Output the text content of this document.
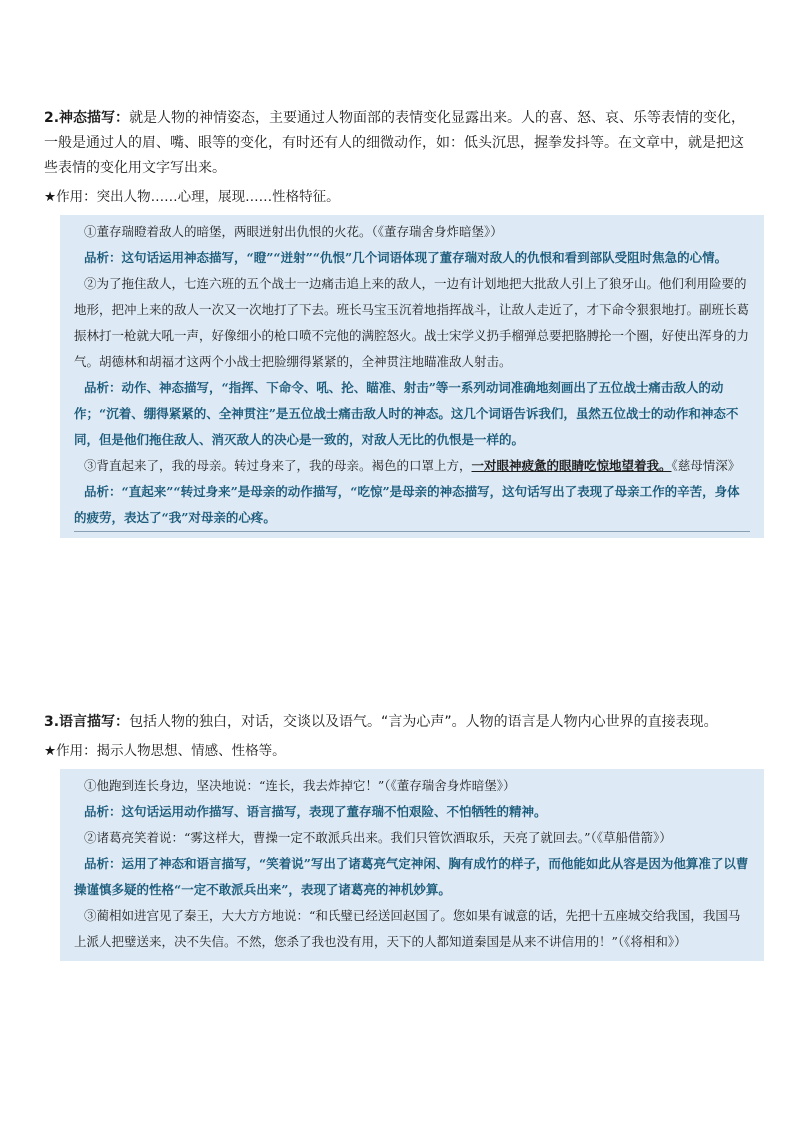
2.神态描写：就是人物的神情姿态，主要通过人物面部的表情变化显露出来。人的喜、怒、哀、乐等表情的变化，一般是通过人的眉、嘴、眼等的变化，有时还有人的细微动作，如：低头沉思，握拳发抖等。在文章中，就是把这些表情的变化用文字写出来。

★作用：突出人物……心理，展现……性格特征。

①董存瑞瞪着敌人的暗堡，两眼迸射出仇恨的火花。（《董存瑞舍身炸暗堡》）

品析：这句话运用神态描写，“瞪”“迸射”“仇恨”几个词语体现了董存瑞对敌人的仇恨和看到部队受阻时焦急的心情。

②为了拖住敌人，七连六班的五个战士一边痛击追上来的敌人，一边有计划地把大批敌人引上了狼牙山。他们利用险要的地形，把冲上来的敌人一次又一次地打了下去。班长马宝玉沉着地指挥战斗，让敌人走近了，才下命令狠狠地打。副班长葛振林打一枪就大吼一声，好像细小的枪口喷不完他的满腔怒火。战士宋学义扔手榴弹总要把胳膊抡一个圈，好使出浑身的力气。胡德林和胡福才这两个小战士把脸绷得紧紧的，全神贯注地瞄准敌人射击。

品析：动作、神态描写，“指挥、下命令、吼、抡、瞄准、射击”等一系列动词准确地刻画出了五位战士痛击敌人的动作；“沉着、绷得紧紧的、全神贯注”是五位战士痛击敌人时的神态。这几个词语告诉我们，虽然五位战士的动作和神态不同，但是他们拖住敌人、消灭敌人的决心是一致的，对敌人无比的仇恨是一样的。

③背直起来了，我的母亲。转过身来了，我的母亲。褐色的口罩上方，一对眼神疲惫的眼睛吃惊地望着我。《慈母情深》

品析：“直起来”“转过身来”是母亲的动作描写，“吃惊”是母亲的神态描写，这句话写出了表现了母亲工作的辛苦，身体的疲劳，表达了“我”对母亲的心疼。

3.语言描写：包括人物的独白，对话，交谈以及语气。“言为心声”。人物的语言是人物内心世界的直接表现。

★作用：揭示人物思想、情感、性格等。

①他跑到连长身边，坚决地说：“连长，我去炸掉它！”（《董存瑞舍身炸暗堡》）

品析：这句话运用动作描写、语言描写，表现了董存瑞不怕艰险、不怕牺牲的精神。

②诸葛亮笑着说：“雾这样大，曹操一定不敢派兵出来。我们只管饮酒取乐，天亮了就回去。”（《草船借箭》）

品析：运用了神态和语言描写，“笑着说”写出了诸葛亮气定神闲、胸有成竹的样子，而他能如此从容是因为他算准了以曹操谨慎多疑的性格“一定不敢派兵出来”，表现了诸葛亮的神机妙算。

③蔺相如进宫见了秦王，大大方方地说：“和氏璧已经送回赵国了。您如果有诚意的话，先把十五座城交给我国，我国马上派人把璧送来，决不失信。不然，您杀了我也没有用，天下的人都知道秦国是从来不讲信用的！”（《将相和》）
